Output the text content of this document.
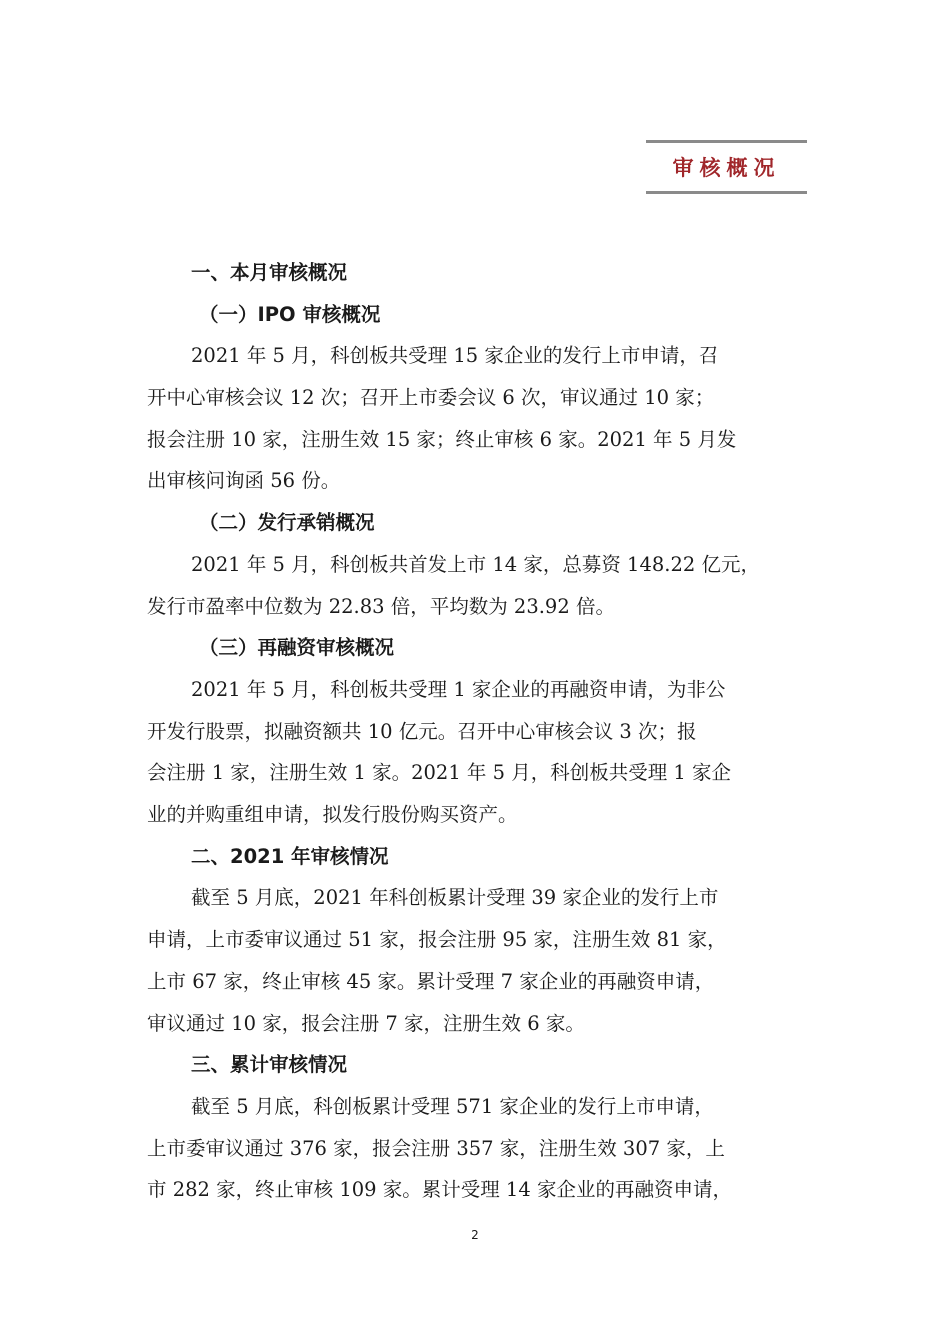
审核概况
一、本月审核概况
（一）IPO 审核概况
2021 年 5 月，科创板共受理 15 家企业的发行上市申请，召
开中心审核会议 12 次；召开上市委会议 6 次，审议通过 10 家；
报会注册 10 家，注册生效 15 家；终止审核 6 家。2021 年 5 月发
出审核问询函 56 份。
（二）发行承销概况
2021 年 5 月，科创板共首发上市 14 家，总募资 148.22 亿元，
发行市盈率中位数为 22.83 倍，平均数为 23.92 倍。
（三）再融资审核概况
2021 年 5 月，科创板共受理 1 家企业的再融资申请，为非公
开发行股票，拟融资额共 10 亿元。召开中心审核会议 3 次；报
会注册 1 家，注册生效 1 家。2021 年 5 月，科创板共受理 1 家企
业的并购重组申请，拟发行股份购买资产。
二、2021 年审核情况
截至 5 月底，2021 年科创板累计受理 39 家企业的发行上市
申请，上市委审议通过 51 家，报会注册 95 家，注册生效 81 家，
上市 67 家，终止审核 45 家。累计受理 7 家企业的再融资申请，
审议通过 10 家，报会注册 7 家，注册生效 6 家。
三、累计审核情况
截至 5 月底，科创板累计受理 571 家企业的发行上市申请，
上市委审议通过 376 家，报会注册 357 家，注册生效 307 家，上
市 282 家，终止审核 109 家。累计受理 14 家企业的再融资申请，
2
